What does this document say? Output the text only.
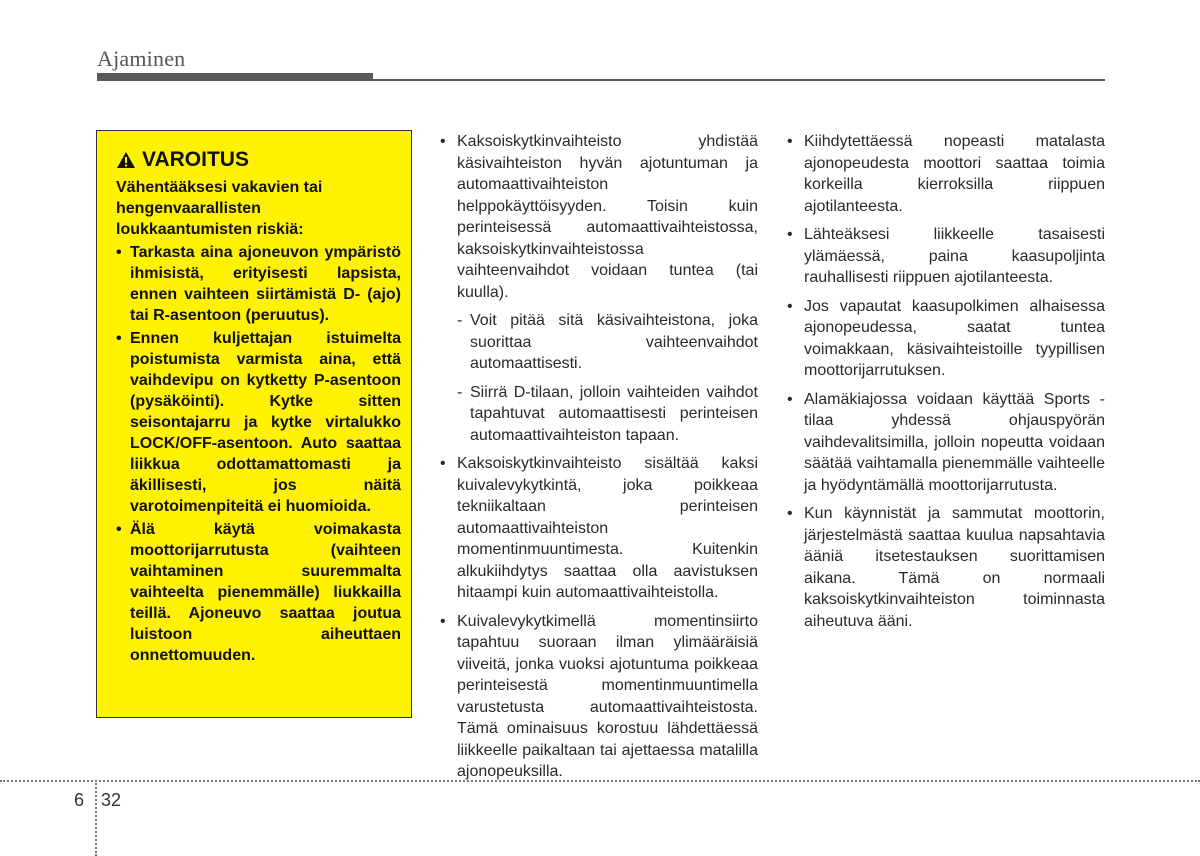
Ajaminen
VAROITUS

Vähentääksesi vakavien tai hengenvaarallisten loukkaantumisten riskiä:

• Tarkasta aina ajoneuvon ympäristö ihmisistä, erityisesti lapsista, ennen vaihteen siirtämistä D- (ajo) tai R-asentoon (peruutus).
• Ennen kuljettajan istuimelta poistumista varmista aina, että vaihdevipu on kytketty P-asentoon (pysäköinti). Kytke sitten seisontajarru ja kytke virtalukko LOCK/OFF-asentoon. Auto saattaa liikkua odottamattomasti ja äkillisesti, jos näitä varotoimenpiteitä ei huomioida.
• Älä käytä voimakasta moottorijarrutusta (vaihteen vaihtaminen suuremmalta vaihteelta pienemmälle) liukkailla teillä. Ajoneuvo saattaa joutua luistoon aiheuttaen onnettomuuden.
• Kaksoiskytkinvaihteisto yhdistää käsivaihteiston hyvän ajotuntuman ja automaattivaihteiston helppokäyttöisyyden. Toisin kuin perinteisessä automaattivaihteistossa, kaksoiskytkinvaihteistossa vaihteenvaihdot voidaan tuntea (tai kuulla).
- Voit pitää sitä käsivaihteistona, joka suorittaa vaihteenvaihdot automaattisesti.
- Siirrä D-tilaan, jolloin vaihteiden vaihdot tapahtuvat automaattisesti perinteisen automaattivaihteiston tapaan.
• Kaksoiskytkinvaihteisto sisältää kaksi kuivalevykytkintä, joka poikkeaa tekniikaltaan perinteisen automaattivaihteiston momentinmuuntimesta. Kuitenkin alkukiihdytys saattaa olla aavistuksen hitaampi kuin automaattivaihteistolla.
• Kuivalevykytkimellä momentinsiirto tapahtuu suoraan ilman ylimääräisiä viiveitä, jonka vuoksi ajotuntuma poikkeaa perinteisestä momentinmuuntimella varustetusta automaattivaihteistosta. Tämä ominaisuus korostuu lähdettäessä liikkeelle paikaltaan tai ajettaessa matalilla ajonopeuksilla.
• Kiihdytettäessä nopeasti matalasta ajonopeudesta moottori saattaa toimia korkeilla kierroksilla riippuen ajotilanteesta.
• Lähteäksesi liikkeelle tasaisesti ylämäessä, paina kaasupoljinta rauhallisesti riippuen ajotilanteesta.
• Jos vapautat kaasupolkimen alhaisessa ajonopeudessa, saatat tuntea voimakkaan, käsivaihteistoille tyypillisen moottorijarrutuksen.
• Alamäkiajossa voidaan käyttää Sports -tilaa yhdessä ohjauspyörän vaihdevalitsimilla, jolloin nopeutta voidaan säätää vaihtamalla pienemmälle vaihteelle ja hyödyntämällä moottorijarrutusta.
• Kun käynnistät ja sammutat moottorin, järjestelmästä saattaa kuulua napsahtavia ääniä itsetestauksen suorittamisen aikana. Tämä on normaali kaksoiskytkinvaihteiston toiminnasta aiheutuva ääni.
6 32
